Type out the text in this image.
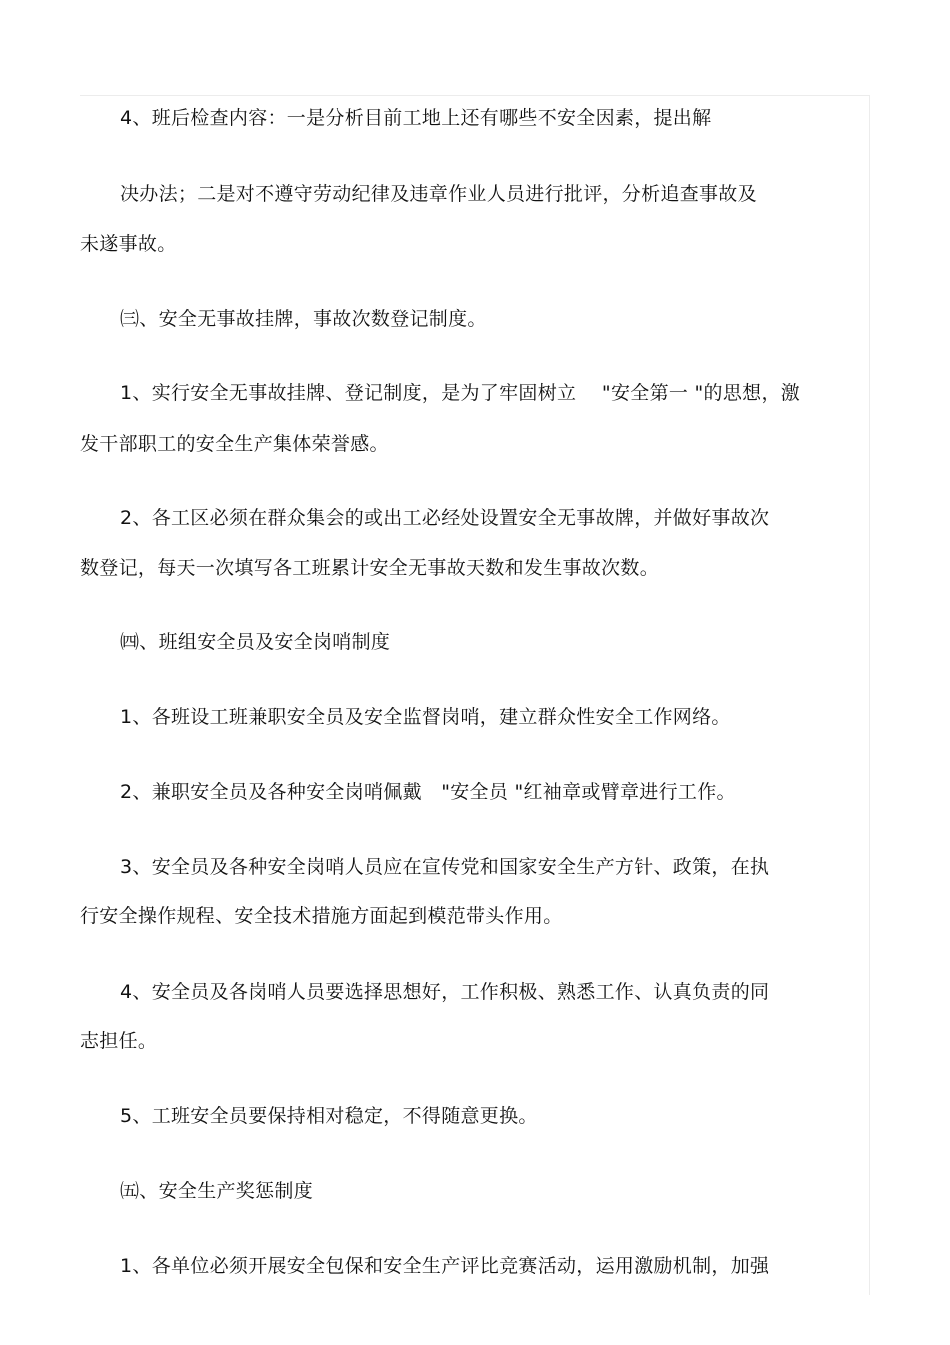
4、班后检查内容：一是分析目前工地上还有哪些不安全因素，提出解
决办法；二是对不遵守劳动纪律及违章作业人员进行批评，分析追查事故及
未遂事故。
㈢、安全无事故挂牌，事故次数登记制度。
1、实行安全无事故挂牌、登记制度，是为了牢固树立　 "安全第一 "的思想，激
发干部职工的安全生产集体荣誉感。
2、各工区必须在群众集会的或出工必经处设置安全无事故牌，并做好事故次
数登记，每天一次填写各工班累计安全无事故天数和发生事故次数。
㈣、班组安全员及安全岗哨制度
1、各班设工班兼职安全员及安全监督岗哨，建立群众性安全工作网络。
2、兼职安全员及各种安全岗哨佩戴　"安全员 "红袖章或臂章进行工作。
3、安全员及各种安全岗哨人员应在宣传党和国家安全生产方针、政策，在执
行安全操作规程、安全技术措施方面起到模范带头作用。
4、安全员及各岗哨人员要选择思想好，工作积极、熟悉工作、认真负责的同
志担任。
5、工班安全员要保持相对稳定，不得随意更换。
㈤、安全生产奖惩制度
1、各单位必须开展安全包保和安全生产评比竞赛活动，运用激励机制，加强
